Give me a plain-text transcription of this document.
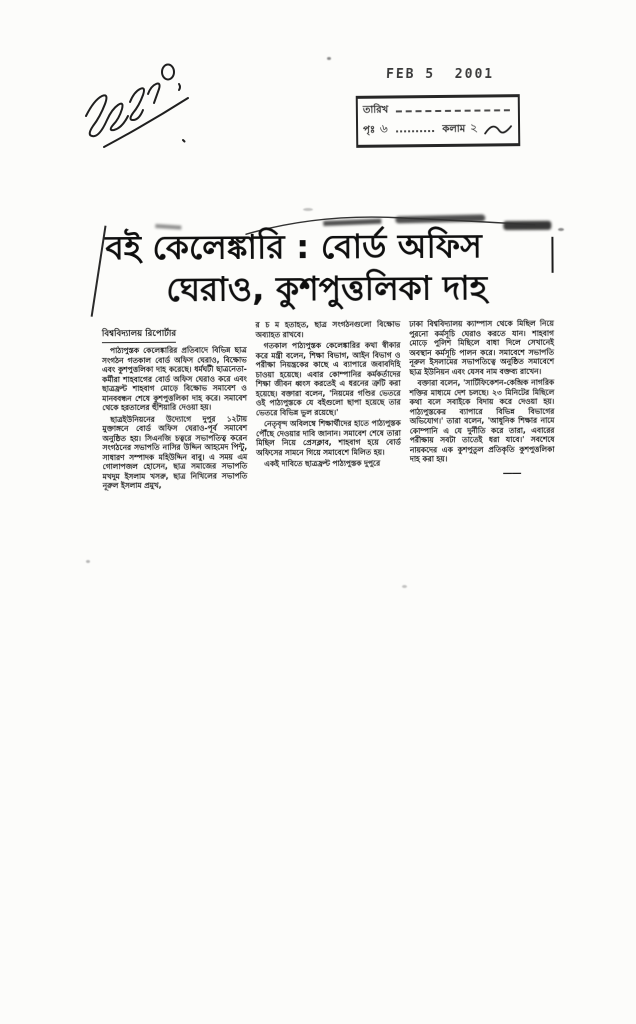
FEB 5  2001
তারিখ
পৃঃ ৬	কলাম ২
বই কেলেঙ্কারি : বোর্ড অফিস
ঘেরাও, কুশপুত্তলিকা দাহ
বিশ্ববিদ্যালয় রিপোর্টার

পাঠ্যপুস্তক কেলেঙ্কারির প্রতিবাদে বিভিন্ন ছাত্র সংগঠন গতকাল বোর্ড অফিস ঘেরাও, বিক্ষোভ এবং কুশপুত্তলিকা দাহ করেছে। ধর্মঘটী ছাত্রনেতা-কর্মীরা শাহবাগের বোর্ড অফিস ঘেরাও করে এবং ছাত্রফ্রন্ট শাহবাগ মোড়ে বিক্ষোভ সমাবেশ ও মানববন্ধন শেষে কুশপুত্তলিকা দাহ করে। সমাবেশ থেকে হরতালের হুঁশিয়ারি দেওয়া হয়।

ছাত্রইউনিয়নের উদ্যোগে দুপুর ১২টায় মুক্তাঙ্গনে বোর্ড অফিস ঘেরাও-পূর্ব সমাবেশ অনুষ্ঠিত হয়। সিএনজি চত্বরে সভাপতিত্ব করেন সংগঠনের সভাপতি নাসির উদ্দিন আহমেদ পিন্টু, সাধারণ সম্পাদক মহিউদ্দিন বাবু। এ সময় এম গোলাপজল হোসেন, ছাত্র সমাজের সভাপতি মখদুম ইসলাম খসরু, ছাত্র নিখিলের সভাপতি নূরুল ইসলাম প্রমুখ,

র চ ম হতাহত, ছাত্র সংগঠনগুলো বিক্ষোভ অব্যাহত রাখবে।

গতকাল পাঠ্যপুস্তক কেলেঙ্কারির কথা স্বীকার করে মন্ত্রী বলেন, শিক্ষা বিভাগ, আইন বিভাগ ও পরীক্ষা নিয়ন্ত্রকের কাছে এ ব্যাপারে জবাবদিহি চাওয়া হয়েছে। এবার কোম্পানির কর্মকর্তাদের শিক্ষা জীবন ধ্বংস করতেই এ ধরনের ত্রুটি করা হয়েছে। বক্তারা বলেন, 'নিয়মের গণ্ডির ভেতরে ওই পাঠ্যপুস্তকে যে বইগুলো ছাপা হয়েছে তার ভেতরে বিভিন্ন ভুল রয়েছে।'

নেতৃবৃন্দ অবিলম্বে শিক্ষার্থীদের হাতে পাঠ্যপুস্তক পৌঁছে দেওয়ার দাবি জানান। সমাবেশ শেষে তারা মিছিল নিয়ে প্রেসক্লাব, শাহবাগ হয়ে বোর্ড অফিসের সামনে গিয়ে সমাবেশে মিলিত হয়।

একই দাবিতে ছাত্রফ্রন্ট পাঠ্যপুস্তক দুপুরে

ঢাকা বিশ্ববিদ্যালয় ক্যাম্পাস থেকে মিছিল নিয়ে পুরনো কর্মসূচি ঘেরাও করতে যান। শাহবাগ মোড়ে পুলিশ মিছিলে বাধা দিলে সেখানেই অবস্থান কর্মসূচি পালন করে। সমাবেশে সভাপতি নূরুল ইসলামের সভাপতিত্বে অনুষ্ঠিত সমাবেশে ছাত্র ইউনিয়ন এবং যেসব নাম বক্তব্য রাখেন।

বক্তারা বলেন, 'সার্টিফিকেশন-কেন্দ্রিক নাগরিক শক্তির মাধ্যমে দেশ চলছে। ২৩ মিনিটের মিছিলে কথা বলে সবাইকে বিদায় করে দেওয়া হয়। পাঠ্যপুস্তকের ব্যাপারে বিভিন্ন বিভাগের অভিযোগ।' তারা বলেন, 'আধুনিক শিক্ষার নামে কোম্পানি এ যে দুর্নীতি করে তারা, এবারের পরীক্ষায় সবটা তাতেই ধরা যাবে।' সবশেষে নায়কদের এক কুশপুতুল প্রতিকৃতি কুশপুত্তলিকা দাহ করা হয়।

——
